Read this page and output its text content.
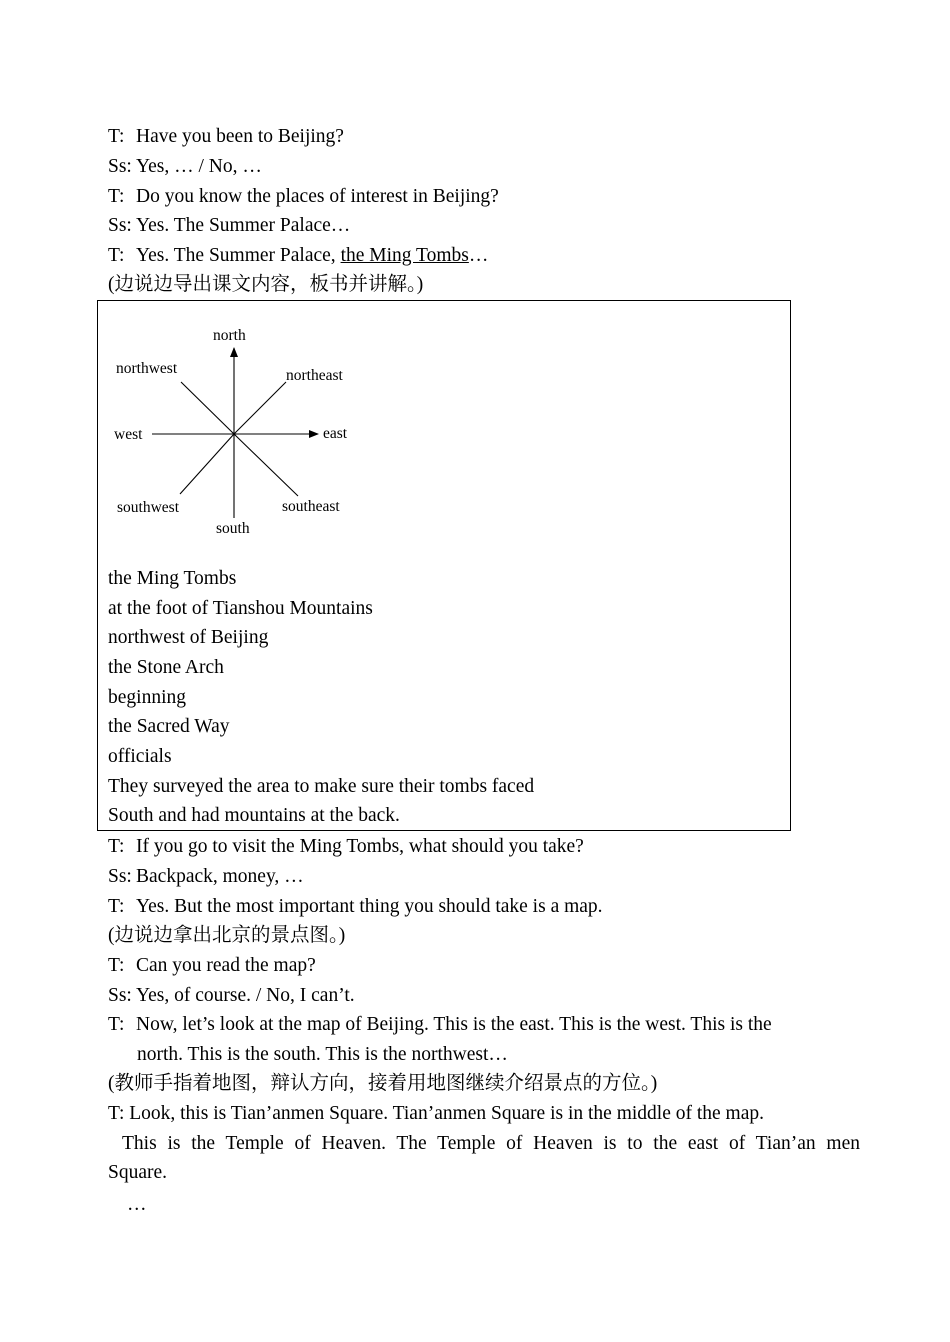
T: Have you been to Beijing?
Ss: Yes, … / No, …
T: Do you know the places of interest in Beijing?
Ss: Yes. The Summer Palace…
T: Yes. The Summer Palace, the Ming Tombs…
(边说边导出课文内容，板书并讲解。)
north
northwest	northeast
west	east
southwest	southeast
south
the Ming Tombs
at the foot of Tianshou Mountains
northwest of Beijing
the Stone Arch
beginning
the Sacred Way
officials
They surveyed the area to make sure their tombs faced
South and had mountains at the back.
T: If you go to visit the Ming Tombs, what should you take?
Ss: Backpack, money, …
T: Yes. But the most important thing you should take is a map.
(边说边拿出北京的景点图。)
T: Can you read the map?
Ss: Yes, of course. / No, I can’t.
T: Now, let’s look at the map of Beijing. This is the east. This is the west. This is the
north. This is the south. This is the northwest…
(教师手指着地图，辩认方向，接着用地图继续介绍景点的方位。)
T: Look, this is Tian’anmen Square. Tian’anmen Square is in the middle of the map.
This is the Temple of Heaven. The Temple of Heaven is to the east of Tian’an men
Square.
…
